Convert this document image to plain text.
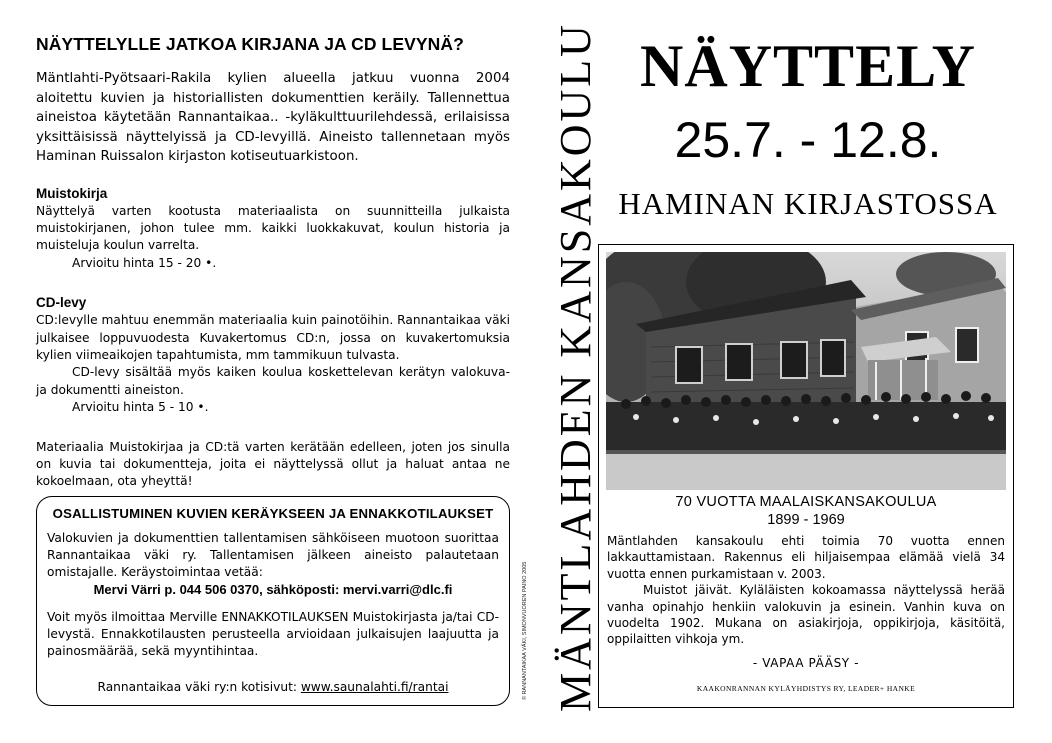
NÄYTTELYLLE JATKOA KIRJANA JA CD LEVYNÄ?

Mäntlahti-Pyötsaari-Rakila kylien alueella jatkuu vuonna 2004 aloitettu kuvien ja historiallisten dokumenttien keräily. Tallennettua aineistoa käytetään Rannantaikaa.. -kyläkulttuurilehdessä, erilaisissa yksittäisissä näyttelyissä ja CD-levyillä. Aineisto tallennetaan myös Haminan Ruissalon kirjaston kotiseutuarkistoon.

Muistokirja

Näyttelyä varten kootusta materiaalista on suunnitteilla julkaista muistokirjanen, johon tulee mm. kaikki luokkakuvat, koulun historia ja muisteluja koulun varrelta.

Arvioitu hinta 15 - 20 •.

CD-levy

CD:levylle mahtuu enemmän materiaalia kuin painotöihin. Rannantaikaa väki julkaisee loppuvuodesta Kuvakertomus CD:n, jossa on kuvakertomuksia kylien viimeaikojen tapahtumista, mm tammikuun tulvasta.

CD-levy sisältää myös kaiken koulua koskettelevan kerätyn valokuva- ja dokumentti aineiston.

Arvioitu hinta 5 - 10 •.

Materiaalia Muistokirjaa ja CD:tä varten kerätään edelleen, joten jos sinulla on kuvia tai dokumentteja, joita ei näyttelyssä ollut ja haluat antaa ne kokoelmaan, ota yheyttä!

OSALLISTUMINEN KUVIEN KERÄYKSEEN JA ENNAKKOTILAUKSET

Valokuvien ja dokumenttien tallentamisen sähköiseen muotoon suorittaa Rannantaikaa väki ry. Tallentamisen jälkeen aineisto palautetaan omistajalle. Keräystoimintaa vetää:

Mervi Värri p. 044 506 0370, sähköposti: mervi.varri@dlc.fi

Voit myös ilmoittaa Merville ENNAKKOTILAUKSEN Muistokirjasta ja/tai CD-levystä. Ennakkotilausten perusteella arvioidaan julkaisujen laajuutta ja painosmäärää, sekä myyntihintaa.

Rannantaikaa väki ry:n kotisivut: www.saunalahti.fi/rantai	© RANNANTAIKAA VÄKI, SIMONVUOREN PAINO 2005 MÄNTLAHDEN KANSAKOULU NÄYTTELY

25.7. - 12.8.

HAMINAN KIRJASTOSSA

70 VUOTTA MAALAISKANSAKOULUA

1899 - 1969

Mäntlahden kansakoulu ehti toimia 70 vuotta ennen lakkauttamistaan. Rakennus eli hiljaisempaa elämää vielä 34 vuotta ennen purkamistaan v. 2003.

Muistot jäivät. Kyläläisten kokoamassa näyttelyssä herää vanha opinahjo henkiin valokuvin ja esinein. Vanhin kuva on vuodelta 1902. Mukana on asiakirjoja, oppikirjoja, käsitöitä, oppilaitten vihkoja ym.

- VAPAA PÄÄSY -

KAAKONRANNAN KYLÄYHDISTYS RY, LEADER+ HANKE
